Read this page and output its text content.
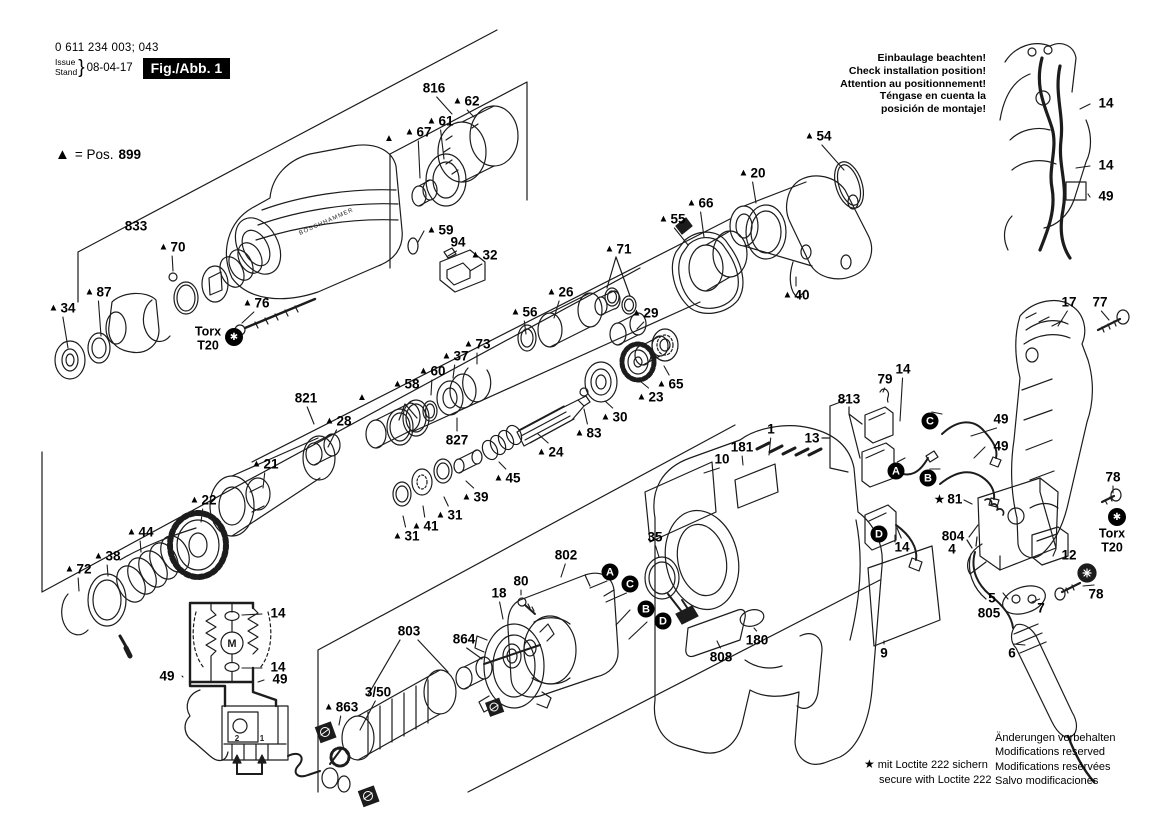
BOSCHHAMMER
M
2	1
0 611 234 003; 043
Issue
Stand } 08-04-17	Fig./Abb. 1
▲ = Pos. 899
Einbaulage beachten!
Check installation position!
Attention au positionnement!
Téngase en cuenta la
posición de montaje!
★ mit Loctite 222 sichern
secure with Loctite 222
Änderungen vorbehalten
Modifications reserved
Modifications resérvées
Salvo modificaciones
816
▲ 62
▲ 61
▲ 67
▲
▲ 59
94
▲ 32
833
▲ 70
▲ 87
▲ 34	▲ 76
▲ 26
▲ 56
▲ 71
▲ 29
▲ 55
▲ 66
▲ 20
▲ 54
▲ 40
14
14
49
821
▲ 28
▲ 21
▲
▲ 73
▲ 37
▲ 60
▲ 58
827
▲ 22
▲ 44
▲ 38
▲ 72
▲ 65
▲ 23
▲ 30
▲ 83
▲ 24
▲ 45
▲ 39
▲ 31
▲ 41
▲ 31
1
181
10
13
813
79
14
49
49
★ 81
804
4
14
12
17 77
78
78
7
5
805
6
9
35
802
80
18
803
864
3/50
▲ 863
808
180
14
14
49
49
A
C
B
D
A
C
B
D
Torx
T20
✱
Torx
T20
✱
